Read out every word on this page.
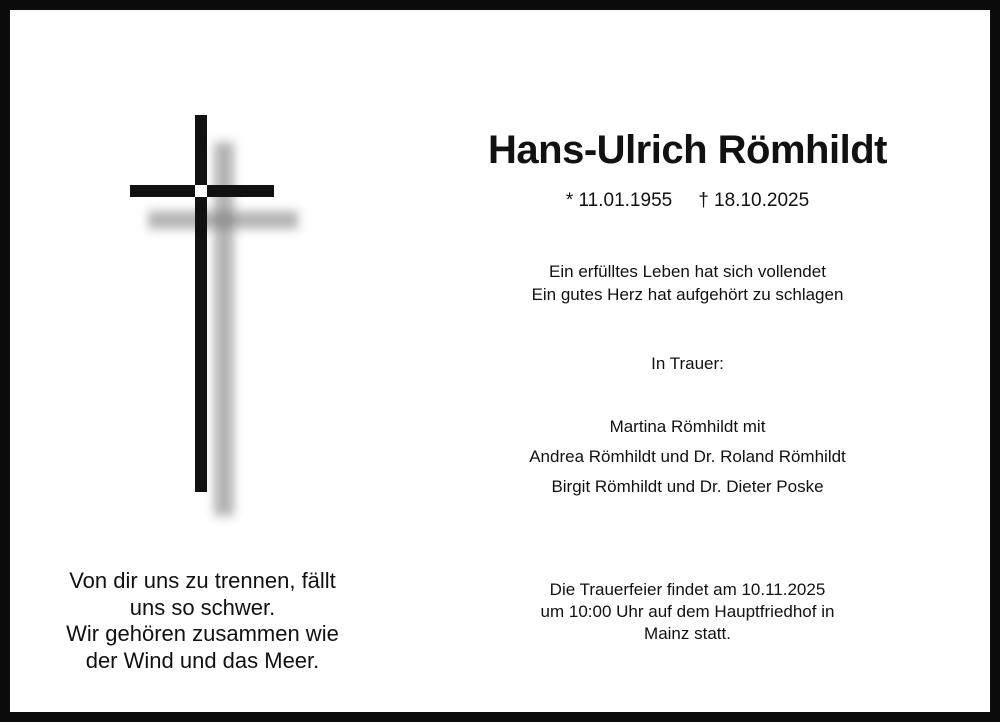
Von dir uns zu trennen, fällt
uns so schwer.
Wir gehören zusammen wie
der Wind und das Meer.
Hans-Ulrich Römhildt
* 11.01.1955 † 18.10.2025
Ein erfülltes Leben hat sich vollendet
Ein gutes Herz hat aufgehört zu schlagen
In Trauer:
Martina Römhildt mit
Andrea Römhildt und Dr. Roland Römhildt
Birgit Römhildt und Dr. Dieter Poske
Die Trauerfeier findet am 10.11.2025
um 10:00 Uhr auf dem Hauptfriedhof in
Mainz statt.
